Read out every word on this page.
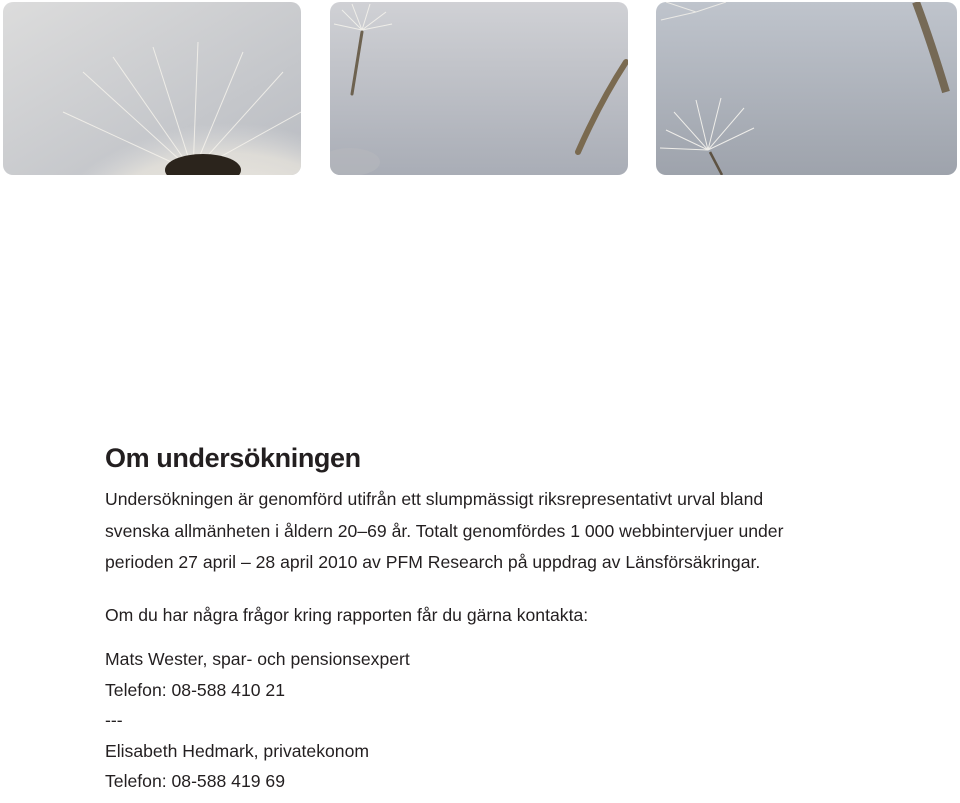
Om undersökningen

Undersökningen är genomförd utifrån ett slumpmässigt riksrepresentativt urval bland
svenska allmänheten i åldern 20–69 år. Totalt genomfördes 1 000 webbintervjuer under
perioden 27 april – 28 april 2010 av PFM Research på uppdrag av Länsförsäkringar.

Om du har några frågor kring rapporten får du gärna kontakta:

Mats Wester, spar- och pensionsexpert
Telefon: 08-588 410 21
---
Elisabeth Hedmark, privatekonom
Telefon: 08-588 419 69
